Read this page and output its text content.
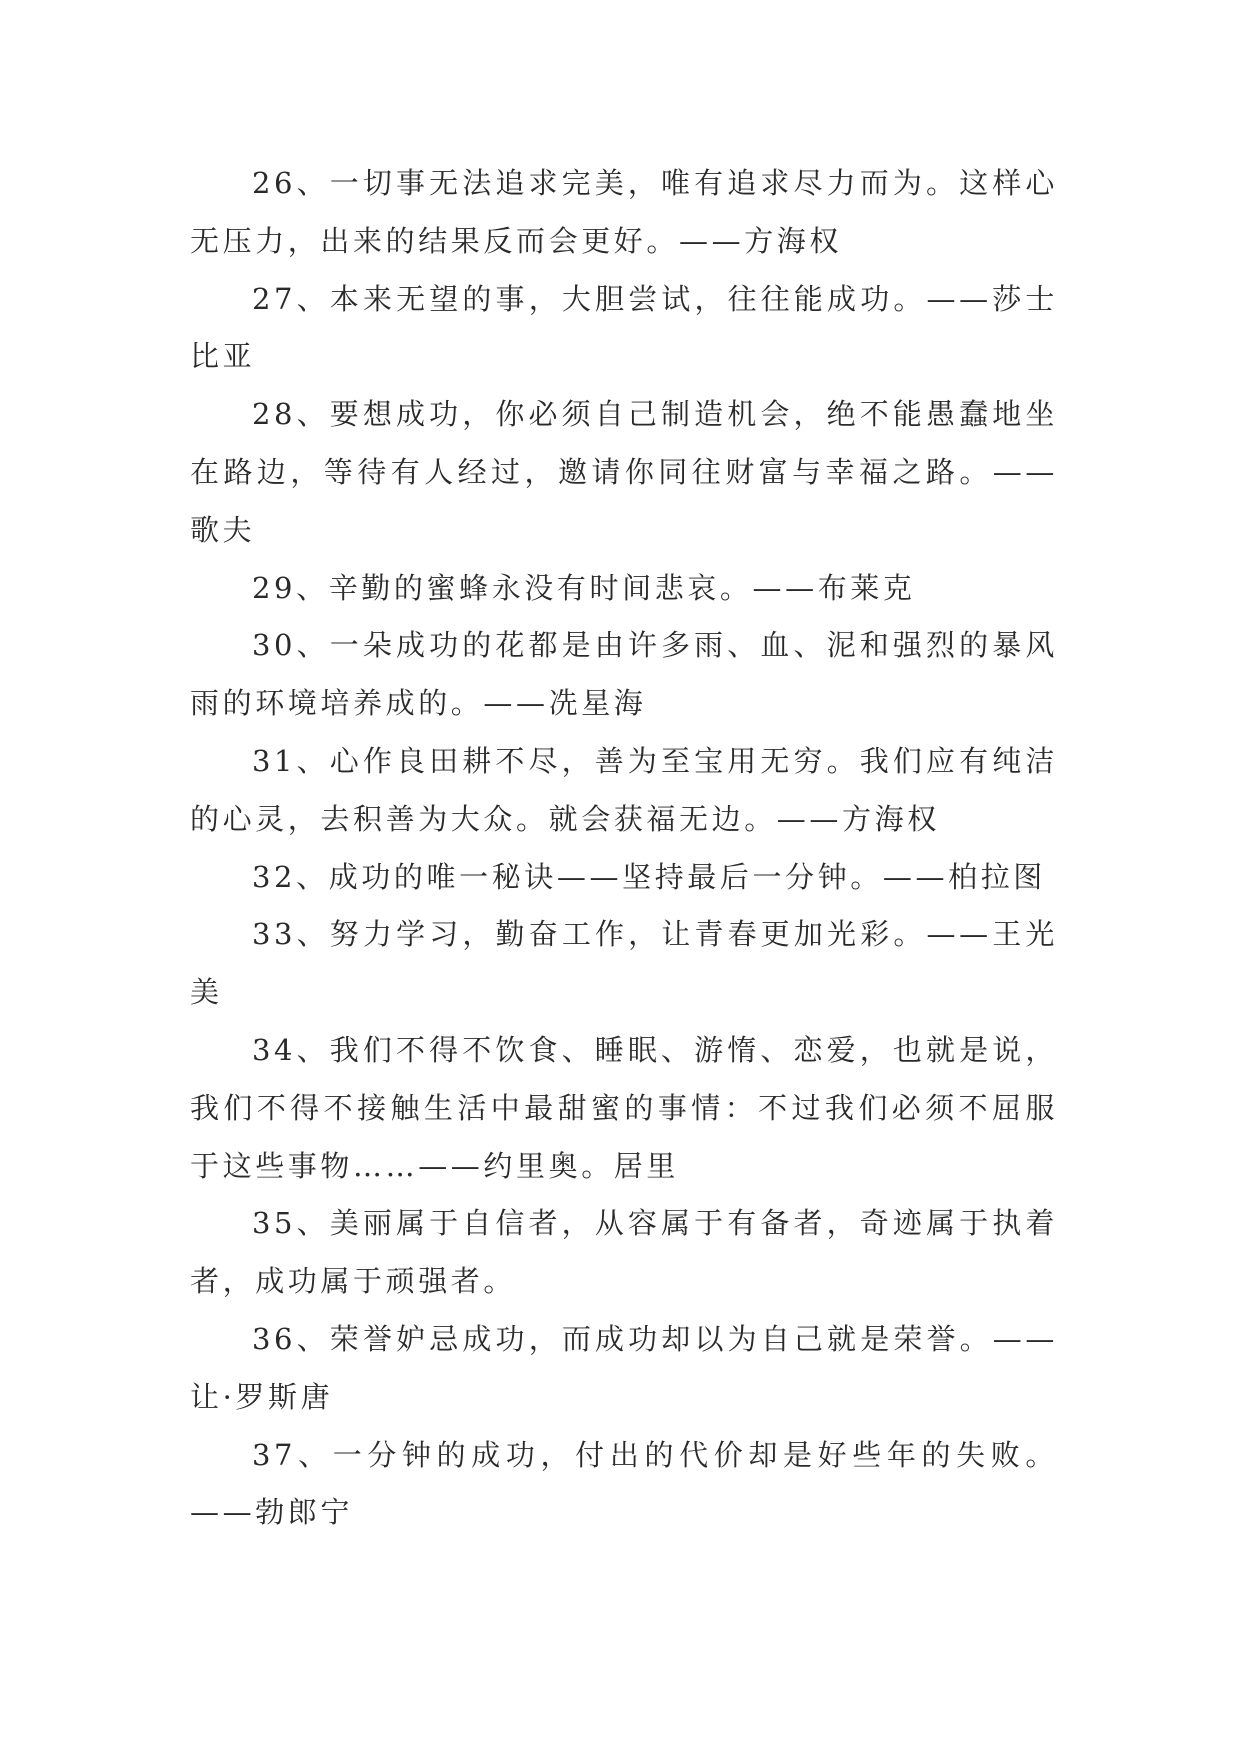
26、一切事无法追求完美，唯有追求尽力而为。这样心无压力，出来的结果反而会更好。——方海权

27、本来无望的事，大胆尝试，往往能成功。——莎士比亚

28、要想成功，你必须自己制造机会，绝不能愚蠢地坐在路边，等待有人经过，邀请你同往财富与幸福之路。——歌夫

29、辛勤的蜜蜂永没有时间悲哀。——布莱克

30、一朵成功的花都是由许多雨、血、泥和强烈的暴风雨的环境培养成的。——冼星海

31、心作良田耕不尽，善为至宝用无穷。我们应有纯洁的心灵，去积善为大众。就会获福无边。——方海权

32、成功的唯一秘诀——坚持最后一分钟。——柏拉图

33、努力学习，勤奋工作，让青春更加光彩。——王光美

34、我们不得不饮食、睡眠、游惰、恋爱，也就是说，我们不得不接触生活中最甜蜜的事情：不过我们必须不屈服于这些事物……——约里奥。居里

35、美丽属于自信者，从容属于有备者，奇迹属于执着者，成功属于顽强者。

36、荣誉妒忌成功，而成功却以为自己就是荣誉。——让·罗斯唐

37、一分钟的成功，付出的代价却是好些年的失败。——勃郎宁
